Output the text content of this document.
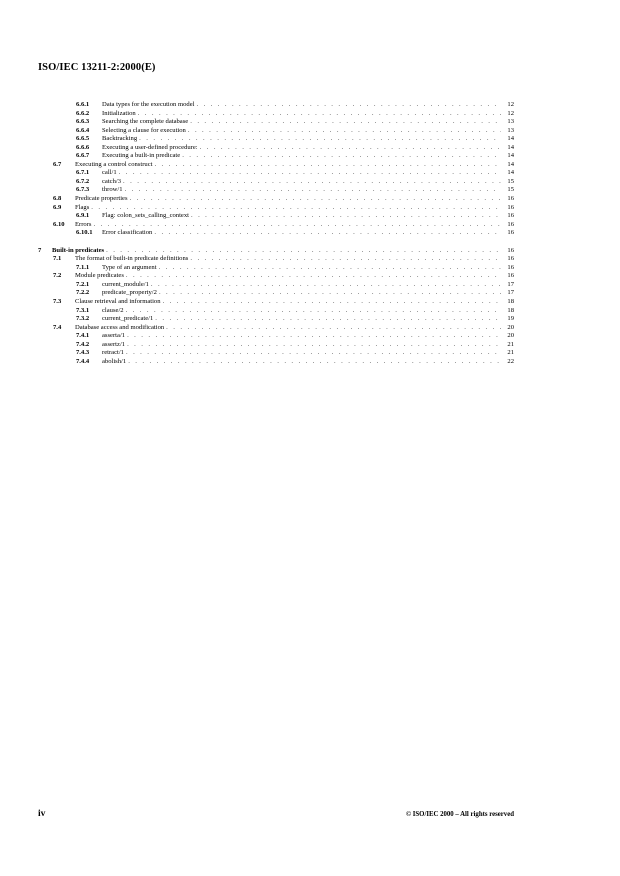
ISO/IEC 13211-2:2000(E)
6.6.1	Data types for the execution model . . .	12
6.6.2	Initialization . . .	12
6.6.3	Searching the complete database . . .	13
6.6.4	Selecting a clause for execution . . .	13
6.6.5	Backtracking . . .	14
6.6.6	Executing a user-defined procedure: . . .	14
6.6.7	Executing a built-in predicate . . .	14
6.7	Executing a control construct . . .	14
6.7.1	call/1 . . .	14
6.7.2	catch/3 . . .	15
6.7.3	throw/1 . . .	15
6.8	Predicate properties . . .	16
6.9	Flags . . .	16
6.9.1	Flag: colon_sets_calling_context . . .	16
6.10	Errors . . .	16
6.10.1	Error classification . . .	16
7	Built-in predicates . . .	16
7.1	The format of built-in predicate definitions . . .	16
7.1.1	Type of an argument . . .	16
7.2	Module predicates . . .	16
7.2.1	current_module/1 . . .	17
7.2.2	predicate_property/2 . . .	17
7.3	Clause retrieval and information . . .	18
7.3.1	clause/2 . . .	18
7.3.2	current_predicate/1 . . .	19
7.4	Database access and modification . . .	20
7.4.1	asserta/1 . . .	20
7.4.2	assertz/1 . . .	21
7.4.3	retract/1 . . .	21
7.4.4	abolish/1 . . .	22
iv	© ISO/IEC 2000 – All rights reserved
